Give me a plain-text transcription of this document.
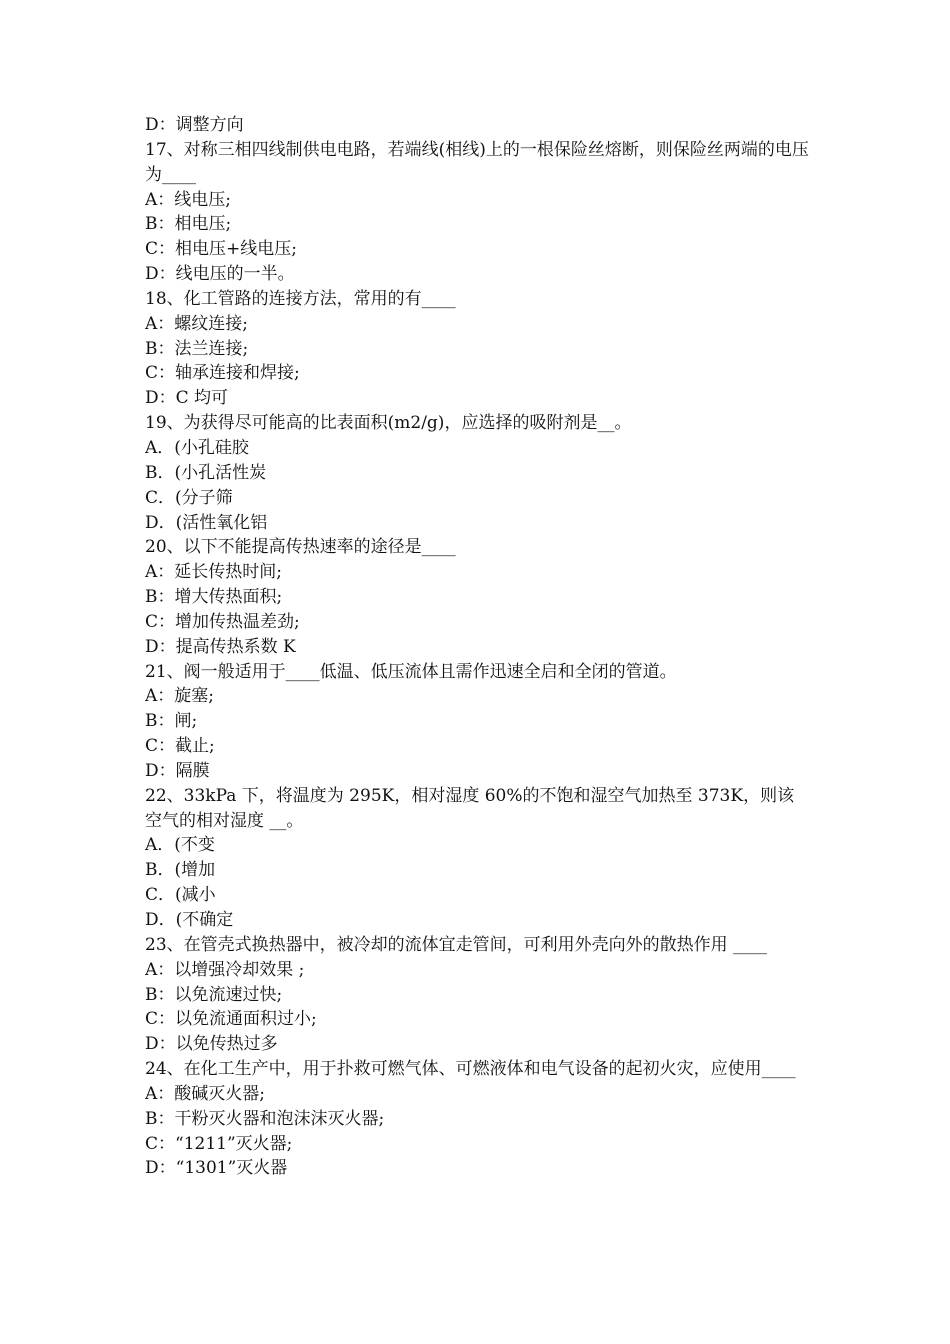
D：调整方向
17、对称三相四线制供电电路，若端线(相线)上的一根保险丝熔断，则保险丝两端的电压为____
A：线电压;
B：相电压;
C：相电压+线电压;
D：线电压的一半。
18、化工管路的连接方法，常用的有____
A：螺纹连接;
B：法兰连接;
C：轴承连接和焊接;
D：C 均可
19、为获得尽可能高的比表面积(m2/g)，应选择的吸附剂是__。
A．(小孔硅胶
B．(小孔活性炭
C．(分子筛
D．(活性氧化铝
20、以下不能提高传热速率的途径是____
A：延长传热时间;
B：增大传热面积;
C：增加传热温差劲;
D：提高传热系数 K
21、阀一般适用于____低温、低压流体且需作迅速全启和全闭的管道。
A：旋塞;
B：闸;
C：截止;
D：隔膜
22、33kPa 下，将温度为 295K，相对湿度 60%的不饱和湿空气加热至 373K，则该空气的相对湿度 __。
A．(不变
B．(增加
C．(减小
D．(不确定
23、在管壳式换热器中，被冷却的流体宜走管间，可利用外壳向外的散热作用 ____
A：以增强冷却效果 ;
B：以免流速过快;
C：以免流通面积过小;
D：以免传热过多
24、在化工生产中，用于扑救可燃气体、可燃液体和电气设备的起初火灾，应使用____
A：酸碱灭火器;
B：干粉灭火器和泡沫沫灭火器;
C：“1211”灭火器;
D：“1301”灭火器
